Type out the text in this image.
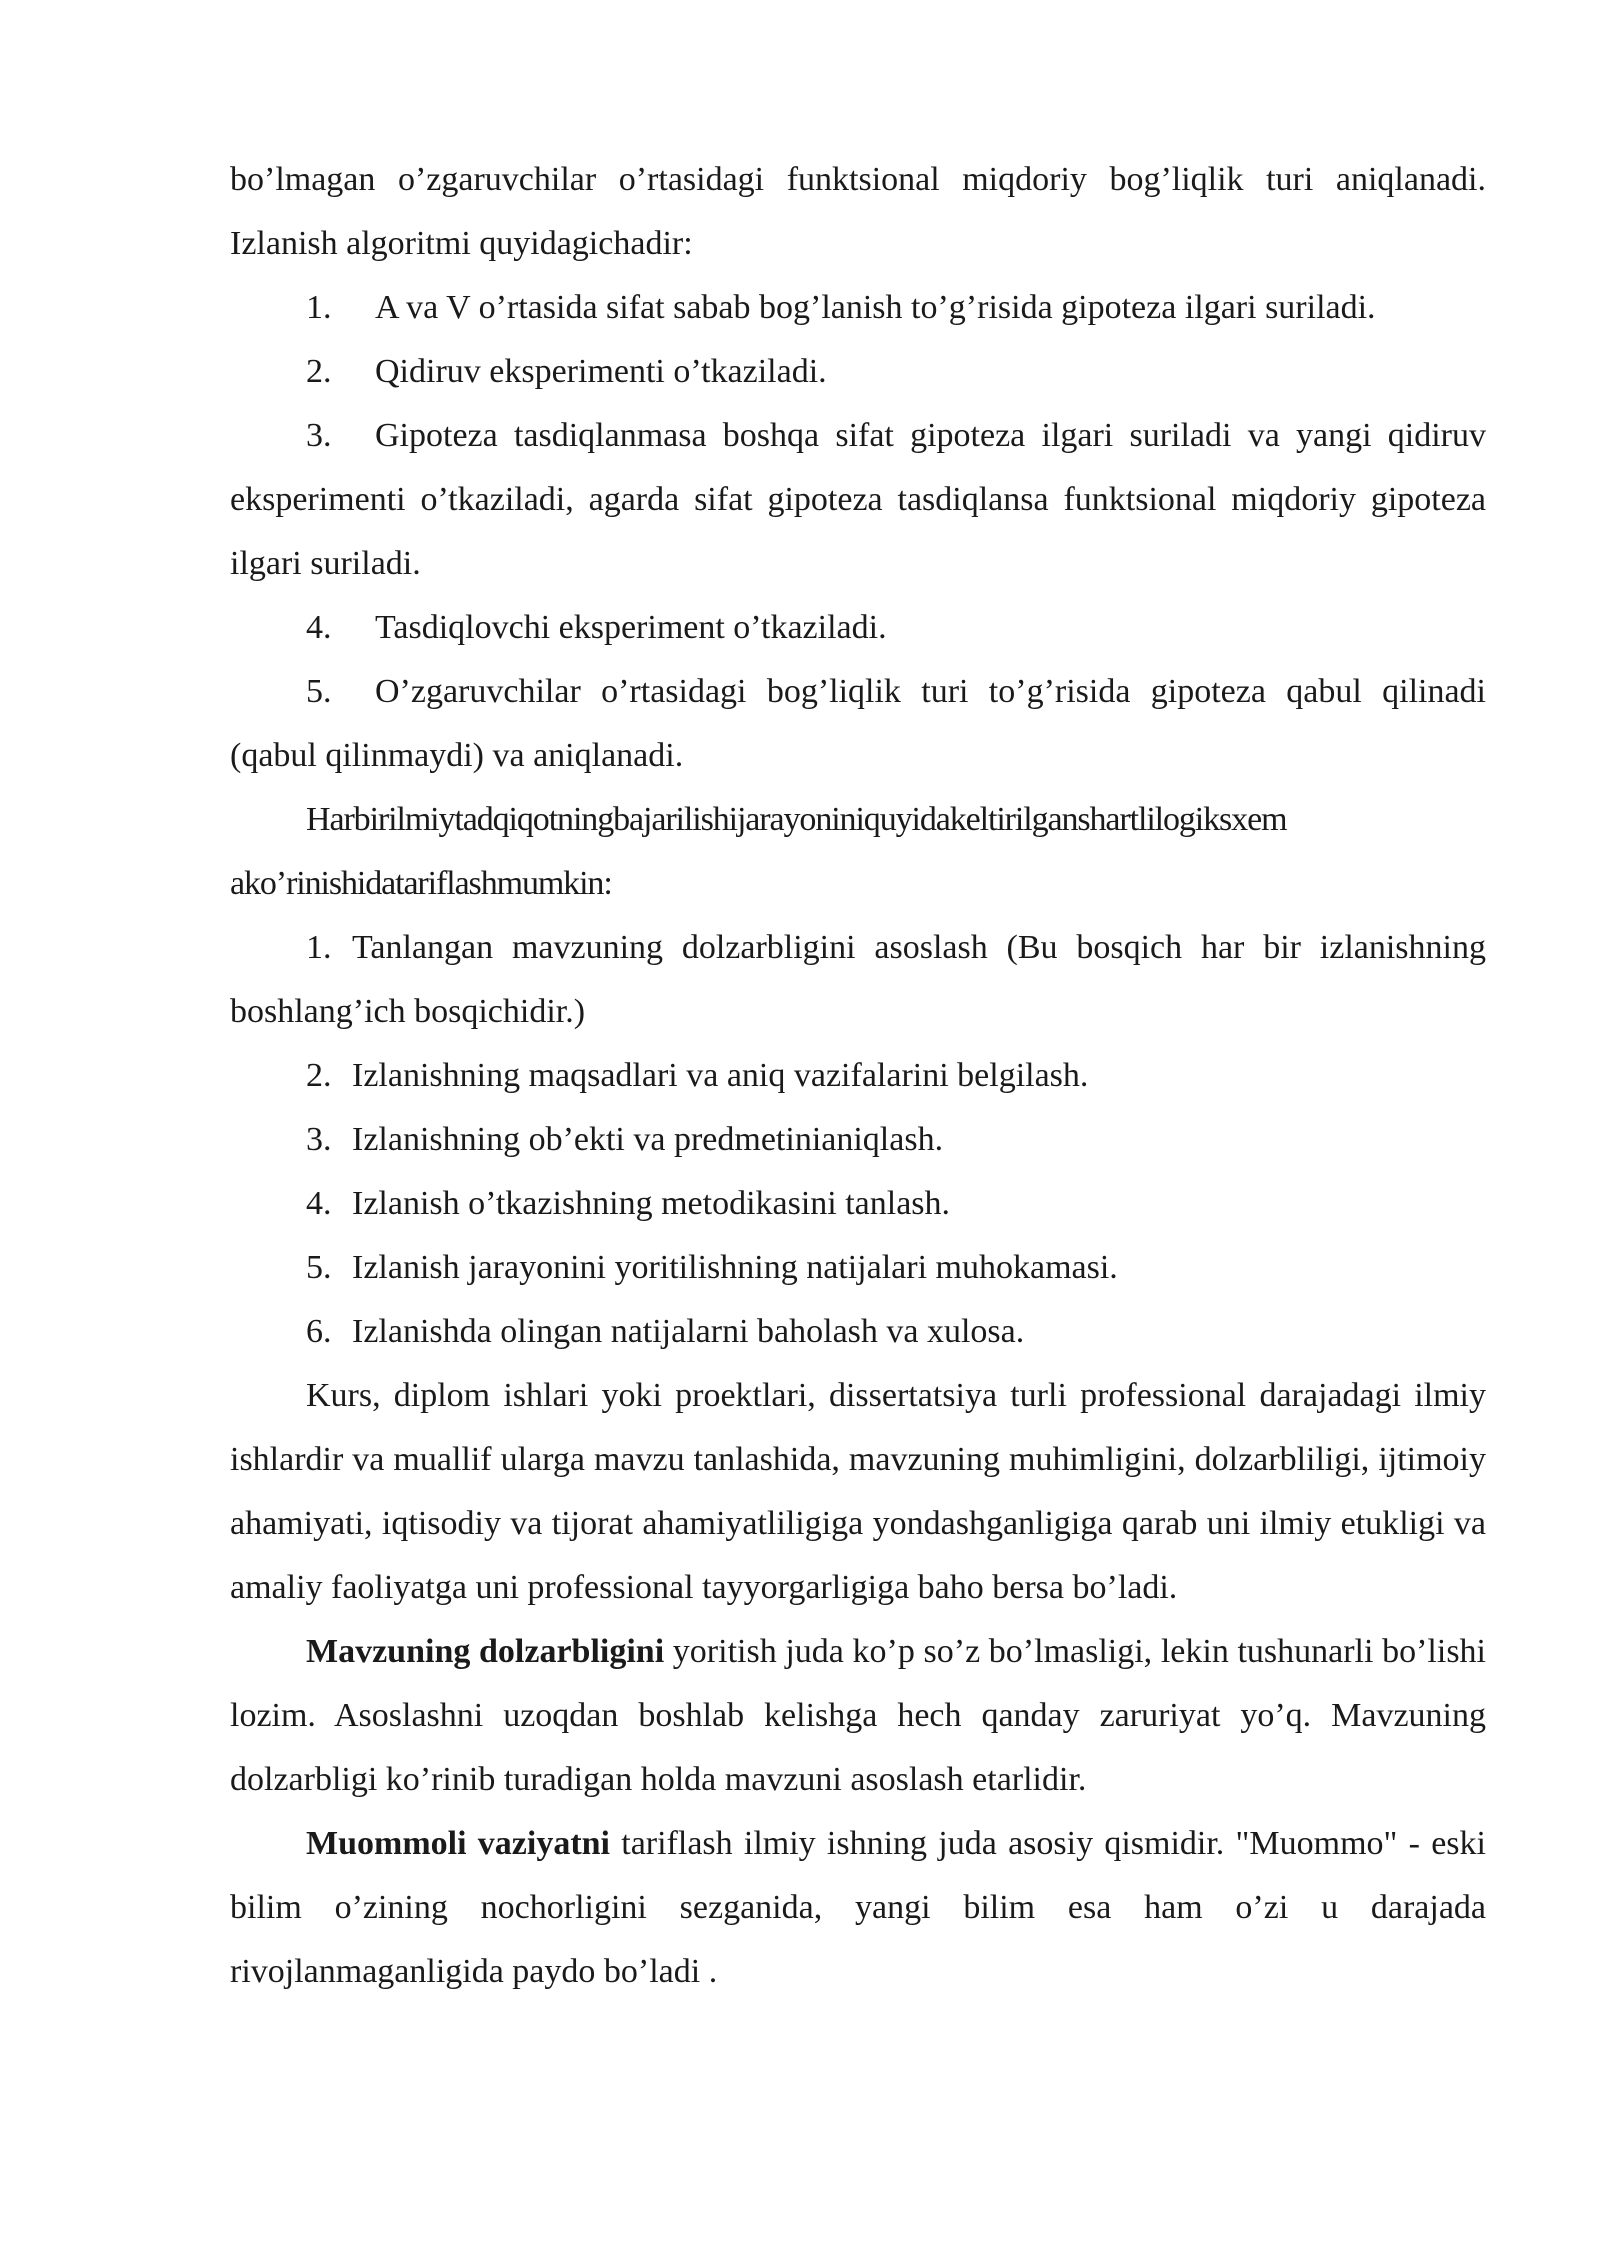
bo’lmagan o’zgaruvchilar o’rtasidagi funktsional miqdoriy bog’liqlik turi aniqlanadi. Izlanish algoritmi quyidagichadir:

1. A va V o’rtasida sifat sabab bog’lanish to’g’risida gipoteza ilgari suriladi.

2. Qidiruv eksperimenti o’tkaziladi.

3. Gipoteza tasdiqlanmasa boshqa sifat gipoteza ilgari suriladi va yangi qidiruv eksperimenti o’tkaziladi, agarda sifat gipoteza tasdiqlansa funktsional miqdoriy gipoteza ilgari suriladi.

4. Tasdiqlovchi eksperiment o’tkaziladi.

5. O’zgaruvchilar o’rtasidagi bog’liqlik turi to’g’risida gipoteza qabul qilinadi (qabul qilinmaydi) va aniqlanadi.

Harbirilmiytadqiqotningbajarilishijarayoniniquyidakeltirilganshartlilogiksxem ako’rinishidatariflashmumkin:

1. Tanlangan mavzuning dolzarbligini asoslash (Bu bosqich har bir izlanishning boshlang’ich bosqichidir.)

2. Izlanishning maqsadlari va aniq vazifalarini belgilash.

3. Izlanishning ob’ekti va predmetinianiqlash.

4. Izlanish o’tkazishning metodikasini tanlash.

5. Izlanish jarayonini yoritilishning natijalari muhokamasi.

6. Izlanishda olingan natijalarni baholash va xulosa.

Kurs, diplom ishlari yoki proektlari, dissertatsiya turli professional darajadagi ilmiy ishlardir va muallif ularga mavzu tanlashida, mavzuning muhimligini, dolzarbliligi, ijtimoiy ahamiyati, iqtisodiy va tijorat ahamiyatliligiga yondashganligiga qarab uni ilmiy etukligi va amaliy faoliyatga uni professional tayyorgarligiga baho bersa bo’ladi.

Mavzuning dolzarbligini yoritish juda ko’p so’z bo’lmasligi, lekin tushunarli bo’lishi lozim. Asoslashni uzoqdan boshlab kelishga hech qanday zaruriyat yo’q. Mavzuning dolzarbligi ko’rinib turadigan holda mavzuni asoslash etarlidir.

Muommoli vaziyatni tariflash ilmiy ishning juda asosiy qismidir. "Muommo" - eski bilim o’zining nochorligini sezganida, yangi bilim esa ham o’zi u darajada rivojlanmaganligida paydo bo’ladi .
